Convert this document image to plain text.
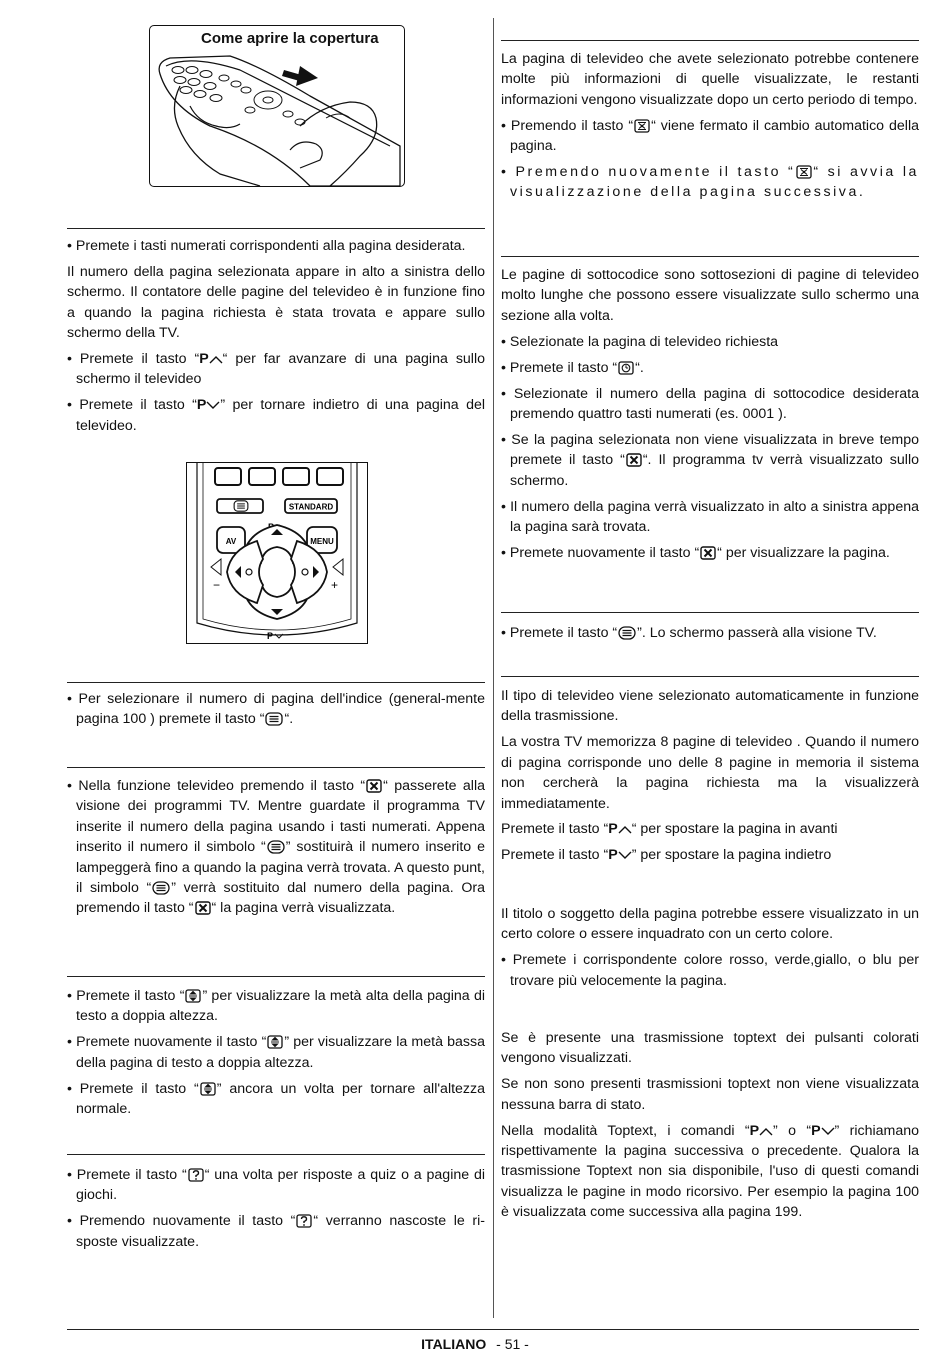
Come aprire la copertura

• Premete i tasti numerati corrispondenti alla pagina desiderata.

Il numero della pagina selezionata appare in alto a sinistra dello schermo. Il contatore delle pagine del televideo è in funzione fino a quando la pagina richiesta è stata trovata e appare sullo schermo della TV.

• Premete il tasto “P “ per far avanzare di una pagina sullo schermo il televideo

• Premete il tasto “P ” per tornare indietro di una pagina del televideo.

STANDARD
AV	MENU
−	+
P

• Per selezionare il numero di pagina dell'indice (general-mente pagina 100 ) premete il tasto “ “.

• Nella funzione televideo premendo il tasto “ “ passerete alla visione dei programmi TV. Mentre guardate il programma TV inserite il numero della pagina usando i tasti numerati. Appena inserito il numero il simbolo “ ” sostituirà il numero inserito e lampeggerà fino a quando la pagina verrà trovata. A questo punt, il simbolo “ ” verrà sostituito dal numero della pagina. Ora premendo il tasto “ “ la pagina verrà visualizzata.

• Premete il tasto “ ” per visualizzare la metà alta della pagina di testo a doppia altezza.

• Premete nuovamente il tasto “ ” per visualizzare la metà bassa della pagina di testo a doppia altezza.

• Premete il tasto “ ” ancora un volta per tornare all'altezza normale.

• Premete il tasto “ “ una volta per risposte a quiz o a pagine di giochi.

• Premendo nuovamente il tasto “ “ verranno nascoste le risposte visualizzate.

La pagina di televideo che avete selezionato potrebbe contenere molte più informazioni di quelle visualizzate, le restanti informazioni vengono visualizzate dopo un certo periodo di tempo.

• Premendo il tasto “ “ viene fermato il cambio automatico della pagina.

• Premendo nuovamente il tasto “ “ si avvia la visualizzazione della pagina successiva.

Le pagine di sottocodice sono sottosezioni di pagine di televideo molto lunghe che possono essere visualizzate sullo schermo una sezione alla volta.

• Selezionate la pagina di televideo richiesta

• Premete il tasto “ “.

• Selezionate il numero della pagina di sottocodice desiderata premendo quattro tasti numerati (es. 0001 ).

• Se la pagina selezionata non viene visualizzata in breve tempo premete il tasto “ “. Il programma tv verrà visualizzato sullo schermo.

• Il numero della pagina verrà visualizzato in alto a sinistra appena la pagina sarà trovata.

• Premete nuovamente il tasto “ “ per visualizzare la pagina.

• Premete il tasto “ ”. Lo schermo passerà alla visione TV.

Il tipo di televideo viene selezionato automaticamente in funzione della trasmissione.

La vostra TV memorizza 8 pagine di televideo . Quando il numero di pagina corrisponde uno delle 8 pagine in memoria il sistema non cercherà la pagina richiesta ma la visualizzerà immediatamente.

Premete il tasto “P “ per spostare la pagina in avanti

Premete il tasto “P ” per spostare la pagina indietro

Il titolo o soggetto della pagina potrebbe essere visualizzato in un certo colore o essere inquadrato con un certo colore.

• Premete i corrispondente colore rosso, verde,giallo, o blu per trovare più velocemente la pagina.

Se è presente una trasmissione toptext dei pulsanti colorati vengono visualizzati.

Se non sono presenti trasmissioni toptext non viene visualizzata nessuna barra di stato.

Nella modalità Toptext, i comandi “P ” o “P ” richiamano rispettivamente la pagina successiva o precedente. Qualora la trasmissione Toptext non sia disponibile, l'uso di questi comandi visualizza le pagine in modo ricorsivo. Per esempio la pagina 100 è visualizzata come successiva alla pagina 199.

ITALIANO - 51 -
